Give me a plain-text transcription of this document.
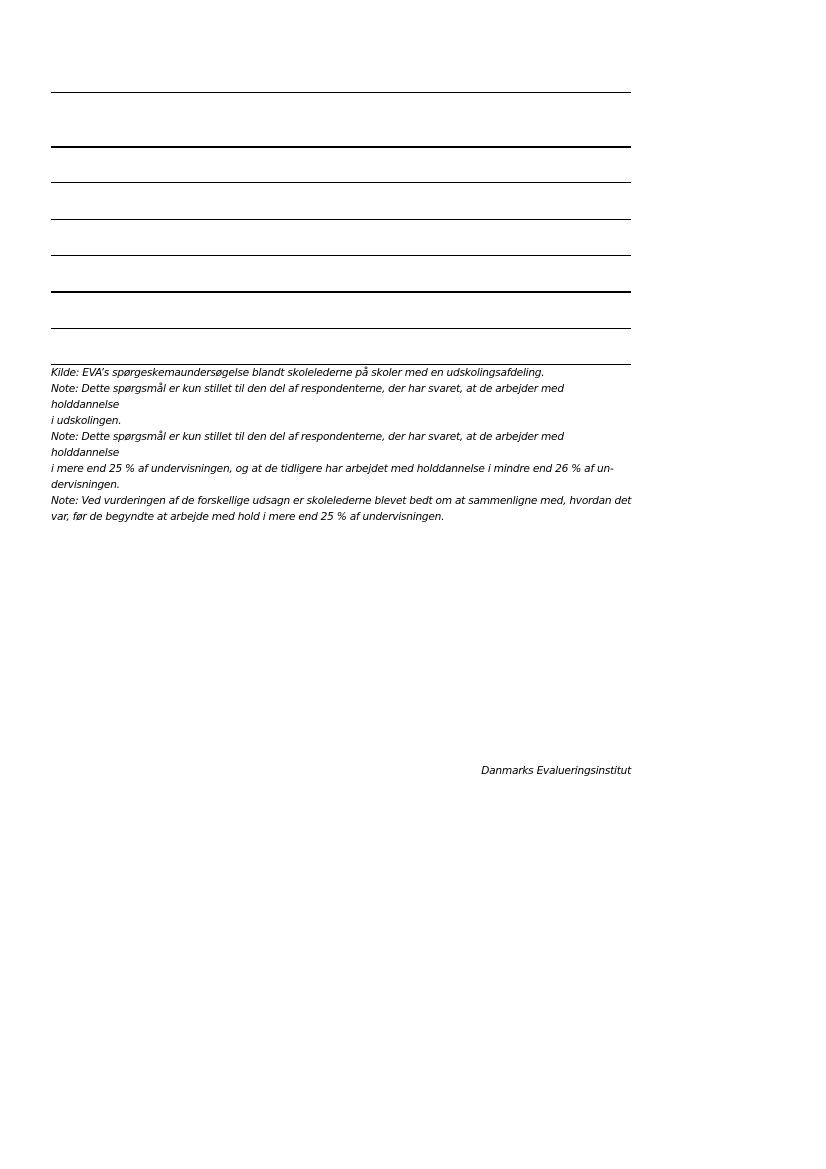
Kilde: EVA’s spørgeskemaundersøgelse blandt skolelederne på skoler med en udskolingsafdeling.

Note: Dette spørgsmål er kun stillet til den del af respondenterne, der har svaret, at de arbejder med holddannelse

i udskolingen.

Note: Dette spørgsmål er kun stillet til den del af respondenterne, der har svaret, at de arbejder med holddannelse

i mere end 25 % af undervisningen, og at de tidligere har arbejdet med holddannelse i mindre end 26 % af un-

dervisningen.

Note: Ved vurderingen af de forskellige udsagn er skolelederne blevet bedt om at sammenligne med, hvordan det

var, før de begyndte at arbejde med hold i mere end 25 % af undervisningen.

Danmarks Evalueringsinstitut
